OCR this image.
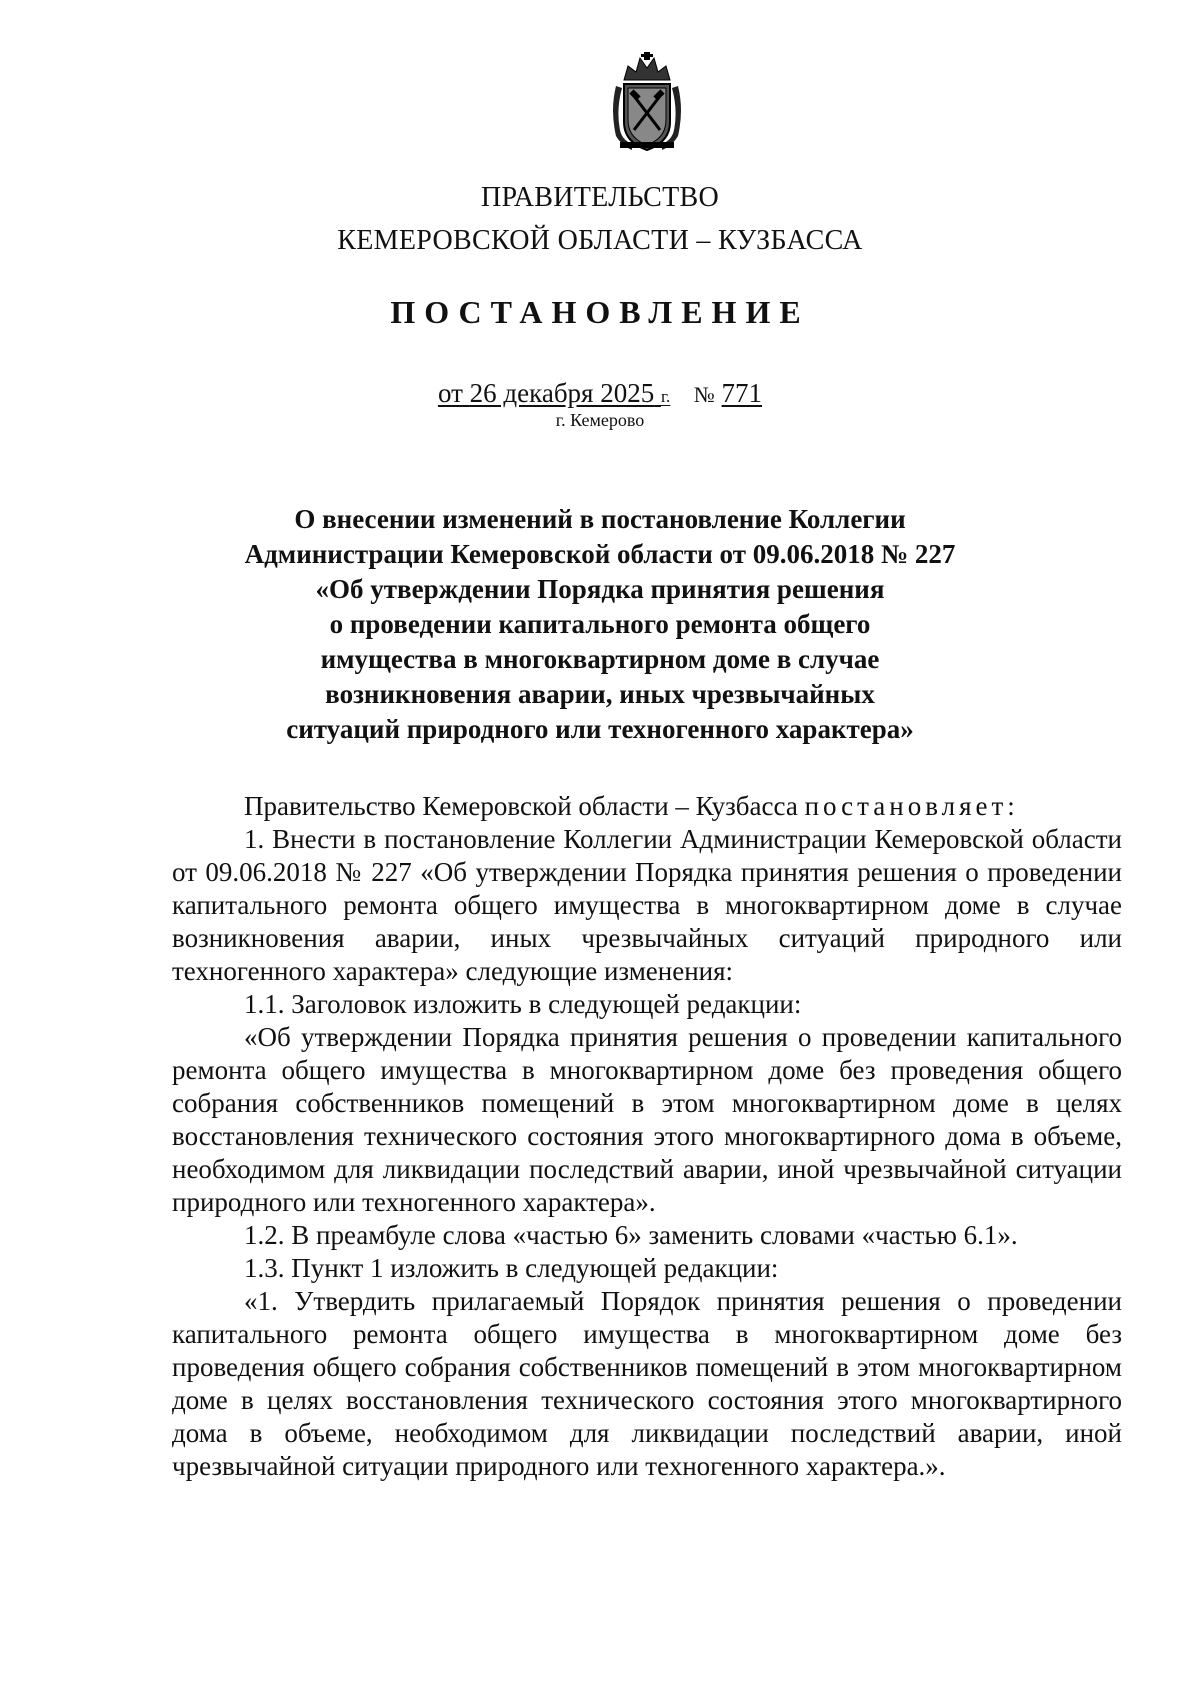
ПРАВИТЕЛЬСТВО
КЕМЕРОВСКОЙ ОБЛАСТИ – КУЗБАССА
ПОСТАНОВЛЕНИЕ
от 26 декабря 2025 г. № 771
г. Кемерово
О внесении изменений в постановление Коллегии
Администрации Кемеровской области от 09.06.2018 № 227
«Об утверждении Порядка принятия решения
о проведении капитального ремонта общего
имущества в многоквартирном доме в случае
возникновения аварии, иных чрезвычайных
ситуаций природного или техногенного характера»

Правительство Кемеровской области – Кузбасса постановляет:

1. Внести в постановление Коллегии Администрации Кемеровской области от 09.06.2018 № 227 «Об утверждении Порядка принятия решения о проведении капитального ремонта общего имущества в многоквартирном доме в случае возникновения аварии, иных чрезвычайных ситуаций природного или техногенного характера» следующие изменения:

1.1. Заголовок изложить в следующей редакции:

«Об утверждении Порядка принятия решения о проведении капитального ремонта общего имущества в многоквартирном доме без проведения общего собрания собственников помещений в этом многоквартирном доме в целях восстановления технического состояния этого многоквартирного дома в объеме, необходимом для ликвидации последствий аварии, иной чрезвычайной ситуации природного или техногенного характера».

1.2. В преамбуле слова «частью 6» заменить словами «частью 6.1».

1.3. Пункт 1 изложить в следующей редакции:

«1. Утвердить прилагаемый Порядок принятия решения о проведении капитального ремонта общего имущества в многоквартирном доме без проведения общего собрания собственников помещений в этом многоквартирном доме в целях восстановления технического состояния этого многоквартирного дома в объеме, необходимом для ликвидации последствий аварии, иной чрезвычайной ситуации природного или техногенного характера.».
